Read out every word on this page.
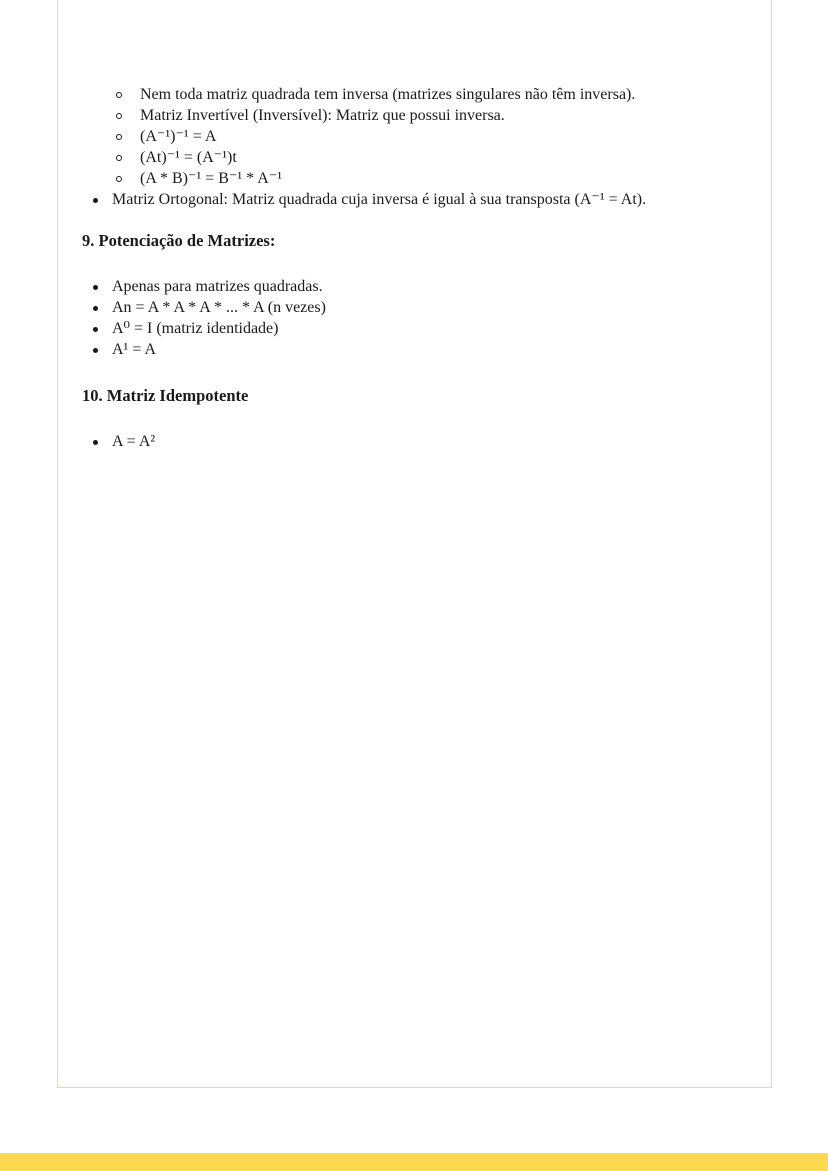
Nem toda matriz quadrada tem inversa (matrizes singulares não têm inversa).
Matriz Invertível (Inversível): Matriz que possui inversa.
(A⁻¹)⁻¹ = A
(At)⁻¹ = (A⁻¹)t
(A * B)⁻¹ = B⁻¹ * A⁻¹
Matriz Ortogonal: Matriz quadrada cuja inversa é igual à sua transposta (A⁻¹ = At).
9. Potenciação de Matrizes:
Apenas para matrizes quadradas.
An = A * A * A * ... * A (n vezes)
A⁰ = I (matriz identidade)
A¹ = A
10. Matriz Idempotente
A = A²
